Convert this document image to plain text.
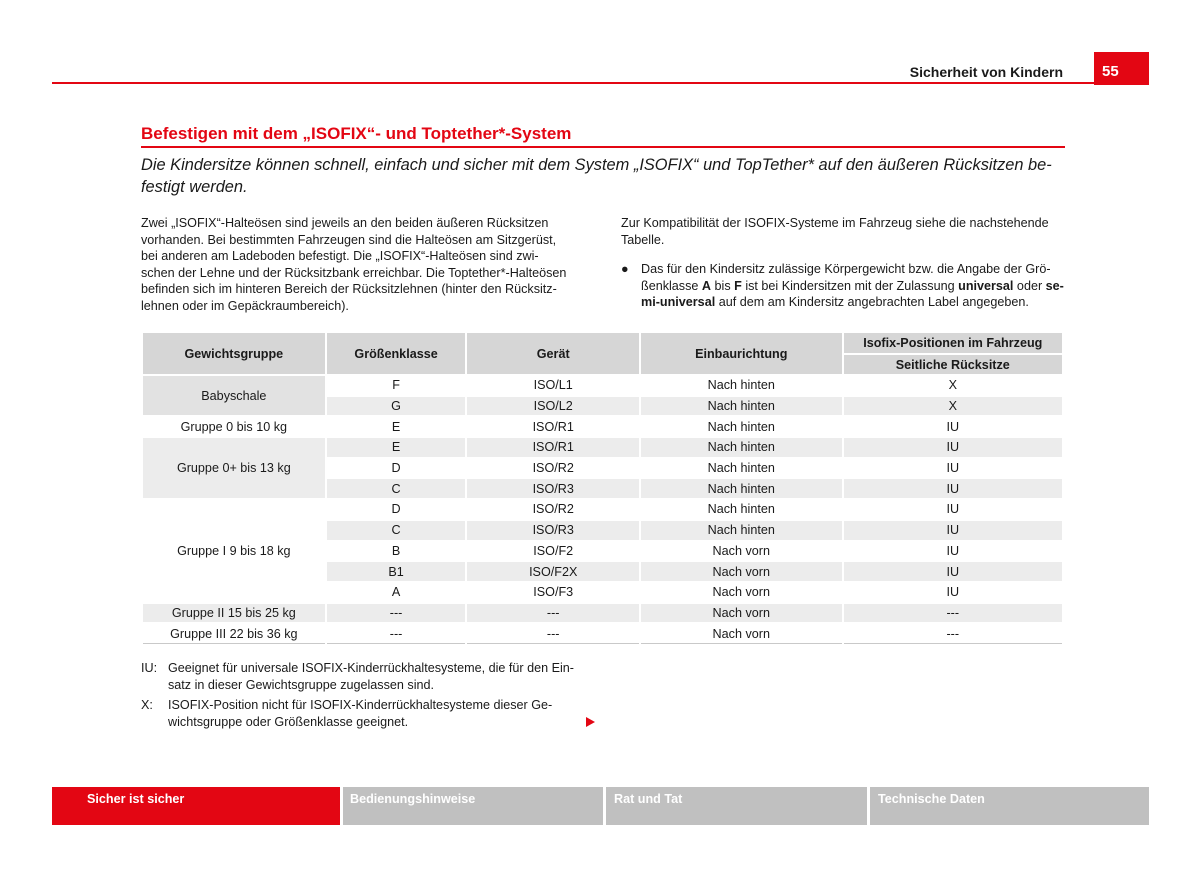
Sicherheit von Kindern	55
Befestigen mit dem „ISOFIX“- und Toptether*-System
Die Kindersitze können schnell, einfach und sicher mit dem System „ISOFIX“ und TopTether* auf den äußeren Rücksitzen be-
festigt werden.
Zwei „ISOFIX“-Halteösen sind jeweils an den beiden äußeren Rücksitzen
vorhanden. Bei bestimmten Fahrzeugen sind die Halteösen am Sitzgerüst,
bei anderen am Ladeboden befestigt. Die „ISOFIX“-Halteösen sind zwi-
schen der Lehne und der Rücksitzbank erreichbar. Die Toptether*-Halteösen
befinden sich im hinteren Bereich der Rücksitzlehnen (hinter den Rücksitz-
lehnen oder im Gepäckraumbereich).
Zur Kompatibilität der ISOFIX-Systeme im Fahrzeug siehe die nachstehende
Tabelle.
● Das für den Kindersitz zulässige Körpergewicht bzw. die Angabe der Grö-
ßenklasse A bis F ist bei Kindersitzen mit der Zulassung universal oder se-
mi-universal auf dem am Kindersitz angebrachten Label angegeben.
Gewichtsgruppe	Größenklasse	Gerät	Einbaurichtung	Isofix-Positionen im Fahrzeug
				Seitliche Rücksitze
Babyschale	F	ISO/L1	Nach hinten	X
	G	ISO/L2	Nach hinten	X
Gruppe 0 bis 10 kg	E	ISO/R1	Nach hinten	IU
Gruppe 0+ bis 13 kg	E	ISO/R1	Nach hinten	IU
	D	ISO/R2	Nach hinten	IU
	C	ISO/R3	Nach hinten	IU
Gruppe I 9 bis 18 kg	D	ISO/R2	Nach hinten	IU
	C	ISO/R3	Nach hinten	IU
	B	ISO/F2	Nach vorn	IU
	B1	ISO/F2X	Nach vorn	IU
	A	ISO/F3	Nach vorn	IU
Gruppe II 15 bis 25 kg	---	---	Nach vorn	---
Gruppe III 22 bis 36 kg	---	---	Nach vorn	---
IU: Geeignet für universale ISOFIX-Kinderrückhaltesysteme, die für den Ein-
satz in dieser Gewichtsgruppe zugelassen sind.
X: ISOFIX-Position nicht für ISOFIX-Kinderrückhaltesysteme dieser Ge-
wichtsgruppe oder Größenklasse geeignet.
Sicher ist sicher	Bedienungshinweise	Rat und Tat	Technische Daten
